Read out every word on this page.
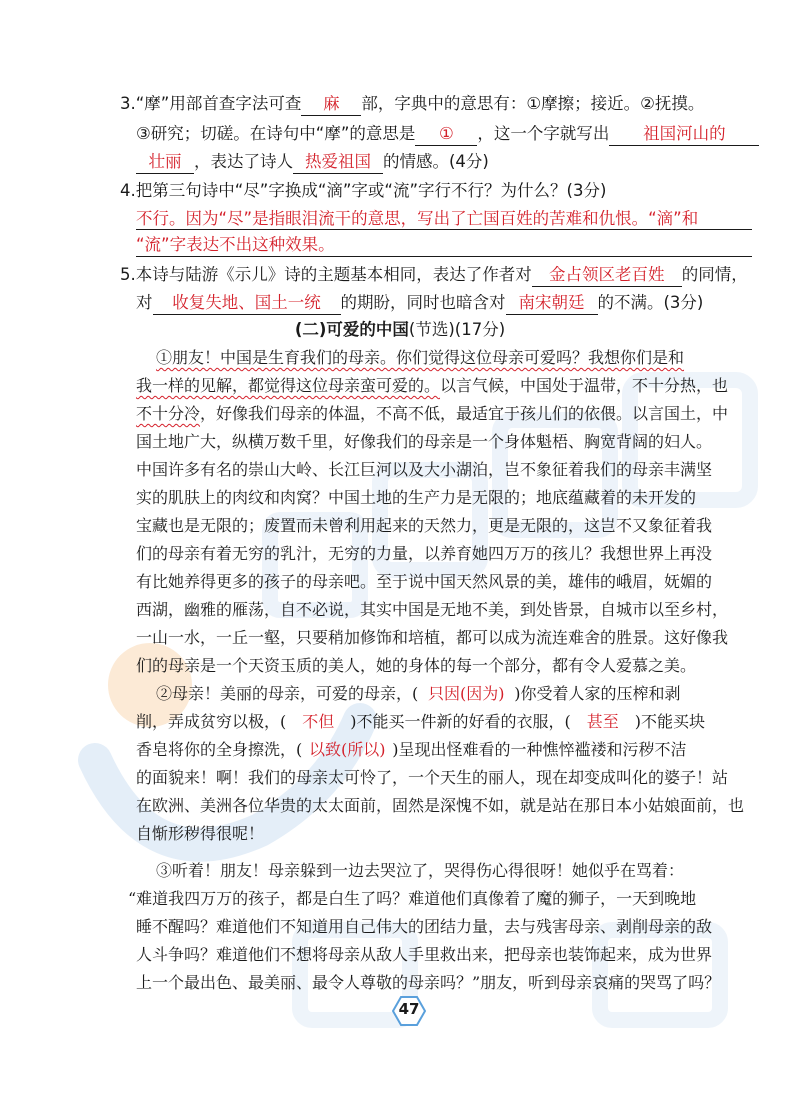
3.“摩”用部首查字法可查 麻 部，字典中的意思有：①摩擦；接近。②抚摸。
③研究；切磋。在诗句中“摩”的意思是 ① ，这一个字就写出 祖国河山的
壮丽 ，表达了诗人 热爱祖国 的情感。(4分)
4.把第三句诗中“尽”字换成“滴”字或“流”字行不行？为什么？(3分)
不行。因为“尽”是指眼泪流干的意思，写出了亡国百姓的苦难和仇恨。“滴”和
“流”字表达不出这种效果。
5.本诗与陆游《示儿》诗的主题基本相同，表达了作者对 金占领区老百姓 的同情，
对 收复失地、国土一统 的期盼，同时也暗含对 南宋朝廷 的不满。(3分)
(二)可爱的中国(节选)(17分)
①朋友！中国是生育我们的母亲。你们觉得这位母亲可爱吗？我想你们是和
我一样的见解，都觉得这位母亲蛮可爱的。以言气候，中国处于温带，不十分热，也
不十分冷，好像我们母亲的体温，不高不低，最适宜于孩儿们的依偎。以言国土，中
国土地广大，纵横万数千里，好像我们的母亲是一个身体魁梧、胸宽背阔的妇人。
中国许多有名的崇山大岭、长江巨河以及大小湖泊，岂不象征着我们的母亲丰满坚
实的肌肤上的肉纹和肉窝？中国土地的生产力是无限的；地底蕴藏着的未开发的
宝藏也是无限的；废置而未曾利用起来的天然力，更是无限的，这岂不又象征着我
们的母亲有着无穷的乳汁，无穷的力量，以养育她四万万的孩儿？我想世界上再没
有比她养得更多的孩子的母亲吧。至于说中国天然风景的美，雄伟的峨眉，妩媚的
西湖，幽雅的雁荡，自不必说，其实中国是无地不美，到处皆景，自城市以至乡村，
一山一水，一丘一壑，只要稍加修饰和培植，都可以成为流连难舍的胜景。这好像我
们的母亲是一个天资玉质的美人，她的身体的每一个部分，都有令人爱慕之美。
②母亲！美丽的母亲，可爱的母亲，( 只因(因为) )你受着人家的压榨和剥
削，弄成贫穷以极，( 不但 )不能买一件新的好看的衣服，( 甚至 )不能买块
香皂将你的全身擦洗，( 以致(所以) )呈现出怪难看的一种憔悴褴褛和污秽不洁
的面貌来！啊！我们的母亲太可怜了，一个天生的丽人，现在却变成叫化的婆子！站
在欧洲、美洲各位华贵的太太面前，固然是深愧不如，就是站在那日本小姑娘面前，也
自惭形秽得很呢！
③听着！朋友！母亲躲到一边去哭泣了，哭得伤心得很呀！她似乎在骂着：
“难道我四万万的孩子，都是白生了吗？难道他们真像着了魔的狮子，一天到晚地
睡不醒吗？难道他们不知道用自己伟大的团结力量，去与残害母亲、剥削母亲的敌
人斗争吗？难道他们不想将母亲从敌人手里救出来，把母亲也装饰起来，成为世界
上一个最出色、最美丽、最令人尊敬的母亲吗？”朋友，听到母亲哀痛的哭骂了吗？
47
